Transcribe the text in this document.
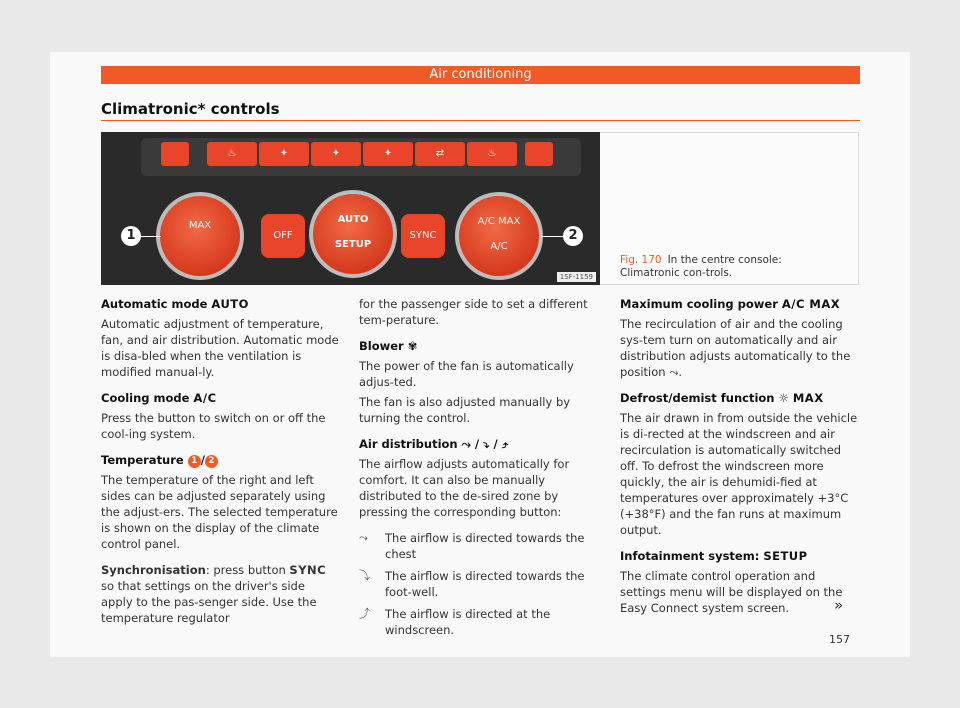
Air conditioning
Climatronic* controls
♨	✦	✦	✦	⇄	♨
MAX
OFF
AUTO
SETUP
SYNC
A/C MAX
A/C
1	2
1SF-1159
Fig. 170 In the centre console: Climatronic con-trols.
Automatic mode AUTO

Automatic adjustment of temperature, fan, and air distribution. Automatic mode is disa-bled when the ventilation is modified manual-ly.

Cooling mode A/C

Press the button to switch on or off the cool-ing system.

Temperature 1 / 2

The temperature of the right and left sides can be adjusted separately using the adjust-ers. The selected temperature is shown on the display of the climate control panel.

Synchronisation: press button SYNC so that settings on the driver's side apply to the pas-senger side. Use the temperature regulator

for the passenger side to set a different tem-perature.

Blower ✾

The power of the fan is automatically adjus-ted.

The fan is also adjusted manually by turning the control.

Air distribution ⤳ / ⤵ / ⤴

The airflow adjusts automatically for comfort. It can also be manually distributed to the de-sired zone by pressing the corresponding button:

⤳	The airflow is directed towards the chest
⤵	The airflow is directed towards the foot-well.
⤴	The airflow is directed at the windscreen.
Maximum cooling power A/C MAX

The recirculation of air and the cooling sys-tem turn on automatically and air distribution adjusts automatically to the position ⤳.

Defrost/demist function ☼ MAX

The air drawn in from outside the vehicle is di-rected at the windscreen and air recirculation is automatically switched off. To defrost the windscreen more quickly, the air is dehumidi-fied at temperatures over approximately +3°C (+38°F) and the fan runs at maximum output.

Infotainment system: SETUP

The climate control operation and settings menu will be displayed on the Easy Connect system screen.	»
157
